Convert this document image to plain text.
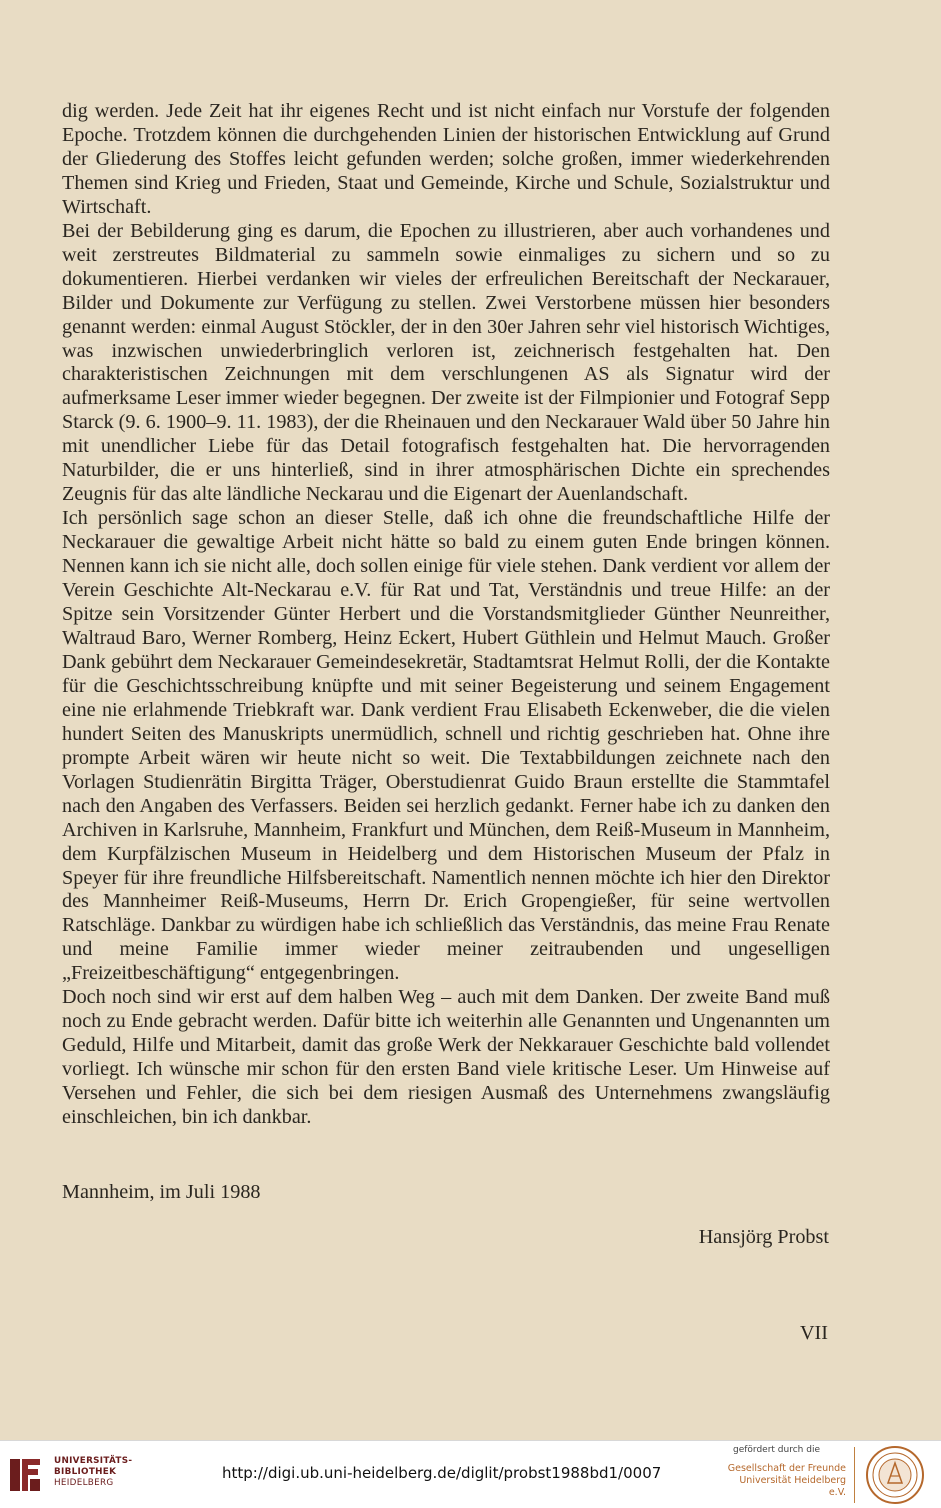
dig werden. Jede Zeit hat ihr eigenes Recht und ist nicht einfach nur Vorstufe der folgenden Epoche. Trotzdem können die durchgehenden Linien der historischen Entwicklung auf Grund der Gliederung des Stoffes leicht gefunden werden; solche großen, immer wiederkehrenden Themen sind Krieg und Frieden, Staat und Gemeinde, Kirche und Schule, Sozialstruktur und Wirtschaft.

Bei der Bebilderung ging es darum, die Epochen zu illustrieren, aber auch vorhandenes und weit zerstreutes Bildmaterial zu sammeln sowie einmaliges zu sichern und so zu dokumentieren. Hierbei verdanken wir vieles der erfreulichen Bereitschaft der Neckarauer, Bilder und Dokumente zur Verfügung zu stellen. Zwei Verstorbene müssen hier besonders genannt werden: einmal August Stöckler, der in den 30er Jahren sehr viel historisch Wichtiges, was inzwischen unwiederbringlich verloren ist, zeichnerisch festgehalten hat. Den charakteristischen Zeichnungen mit dem verschlungenen AS als Signatur wird der aufmerksame Leser immer wieder begegnen. Der zweite ist der Filmpionier und Fotograf Sepp Starck (9. 6. 1900–9. 11. 1983), der die Rheinauen und den Neckarauer Wald über 50 Jahre hin mit unendlicher Liebe für das Detail fotografisch festgehalten hat. Die hervorragenden Naturbilder, die er uns hinterließ, sind in ihrer atmosphärischen Dichte ein sprechendes Zeugnis für das alte ländliche Neckarau und die Eigenart der Auenlandschaft.

Ich persönlich sage schon an dieser Stelle, daß ich ohne die freundschaftliche Hilfe der Neckarauer die gewaltige Arbeit nicht hätte so bald zu einem guten Ende bringen können. Nennen kann ich sie nicht alle, doch sollen einige für viele stehen. Dank verdient vor allem der Verein Geschichte Alt-Neckarau e.V. für Rat und Tat, Verständnis und treue Hilfe: an der Spitze sein Vorsitzender Günter Herbert und die Vorstandsmitglieder Günther Neunreither, Waltraud Baro, Werner Romberg, Heinz Eckert, Hubert Güthlein und Helmut Mauch. Großer Dank gebührt dem Neckarauer Gemeindesekretär, Stadtamtsrat Helmut Rolli, der die Kontakte für die Geschichtsschreibung knüpfte und mit seiner Begeisterung und seinem Engagement eine nie erlahmende Triebkraft war. Dank verdient Frau Elisabeth Eckenweber, die die vielen hundert Seiten des Manuskripts unermüdlich, schnell und richtig geschrieben hat. Ohne ihre prompte Arbeit wären wir heute nicht so weit. Die Textabbildungen zeichnete nach den Vorlagen Studienrätin Birgitta Träger, Oberstudienrat Guido Braun erstellte die Stammtafel nach den Angaben des Verfassers. Beiden sei herzlich gedankt. Ferner habe ich zu danken den Archiven in Karlsruhe, Mannheim, Frankfurt und München, dem Reiß-Museum in Mannheim, dem Kurpfälzischen Museum in Heidelberg und dem Historischen Museum der Pfalz in Speyer für ihre freundliche Hilfsbereitschaft. Namentlich nennen möchte ich hier den Direktor des Mannheimer Reiß-Museums, Herrn Dr. Erich Gropengießer, für seine wertvollen Ratschläge. Dankbar zu würdigen habe ich schließlich das Verständnis, das meine Frau Renate und meine Familie immer wieder meiner zeitraubenden und ungeselligen „Freizeitbeschäftigung“ entgegenbringen.

Doch noch sind wir erst auf dem halben Weg – auch mit dem Danken. Der zweite Band muß noch zu Ende gebracht werden. Dafür bitte ich weiterhin alle Genannten und Ungenannten um Geduld, Hilfe und Mitarbeit, damit das große Werk der Nekkarauer Geschichte bald vollendet vorliegt. Ich wünsche mir schon für den ersten Band viele kritische Leser. Um Hinweise auf Versehen und Fehler, die sich bei dem riesigen Ausmaß des Unternehmens zwangsläufig einschleichen, bin ich dankbar.

Mannheim, im Juli 1988
Hansjörg Probst
VII
UNIVERSITÄTS-
BIBLIOTHEK
HEIDELBERG
http://digi.ub.uni-heidelberg.de/diglit/probst1988bd1/0007
gefördert durch die
Gesellschaft der Freunde
Universität Heidelberg e.V.
